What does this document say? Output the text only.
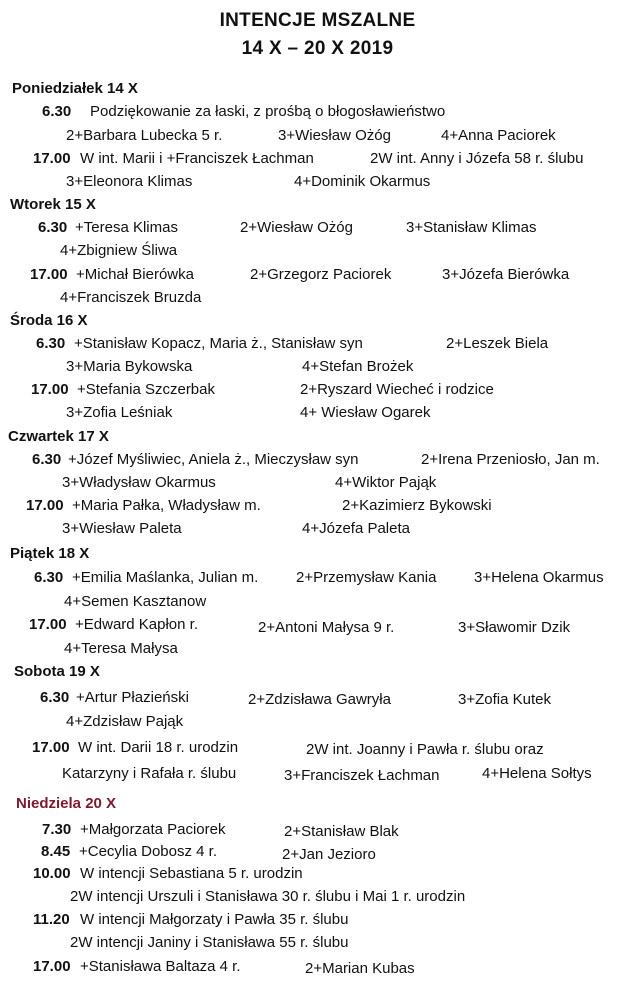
INTENCJE MSZALNE
14 X – 20 X 2019
Poniedziałek 14 X
6.30 Podziękowanie za łaski, z prośbą o błogosławieństwo
2+Barbara Lubecka 5 r.	3+Wiesław Ożóg	4+Anna Paciorek
17.00 W int. Marii i +Franciszek Łachman	2W int. Anny i Józefa 58 r. ślubu
3+Eleonora Klimas	4+Dominik Okarmus
Wtorek 15 X
6.30 +Teresa Klimas	2+Wiesław Ożóg	3+Stanisław Klimas
4+Zbigniew Śliwa
17.00 +Michał Bierówka	2+Grzegorz Paciorek	3+Józefa Bierówka
4+Franciszek Bruzda
Środa 16 X
6.30 +Stanisław Kopacz, Maria ż., Stanisław syn	2+Leszek Biela
3+Maria Bykowska	4+Stefan Brożek
17.00 +Stefania Szczerbak	2+Ryszard Wiecheć i rodzice
3+Zofia Leśniak	4+ Wiesław Ogarek
Czwartek 17 X
6.30 +Józef Myśliwiec, Aniela ż., Mieczysław syn	2+Irena Przeniosło, Jan m.
3+Władysław Okarmus	4+Wiktor Pająk
17.00 +Maria Pałka, Władysław m.	2+Kazimierz Bykowski
3+Wiesław Paleta	4+Józefa Paleta
Piątek 18 X
6.30 +Emilia Maślanka, Julian m.	2+Przemysław Kania	3+Helena Okarmus
4+Semen Kasztanow
17.00 +Edward Kapłon r.	2+Antoni Małysa 9 r.	3+Sławomir Dzik
4+Teresa Małysa
Sobota 19 X
6.30 +Artur Płazieński	2+Zdzisława Gawryła	3+Zofia Kutek
4+Zdzisław Pająk
17.00 W int. Darii 18 r. urodzin	2W int. Joanny i Pawła r. ślubu oraz
Katarzyny i Rafała r. ślubu	3+Franciszek Łachman	4+Helena Sołtys
Niedziela 20 X
7.30 +Małgorzata Paciorek	2+Stanisław Blak
8.45 +Cecylia Dobosz 4 r.	2+Jan Jezioro
10.00 W intencji Sebastiana 5 r. urodzin
2W intencji Urszuli i Stanisława 30 r. ślubu i Mai 1 r. urodzin
11.20 W intencji Małgorzaty i Pawła 35 r. ślubu
2W intencji Janiny i Stanisława 55 r. ślubu
17.00 +Stanisława Baltaza 4 r.	2+Marian Kubas
